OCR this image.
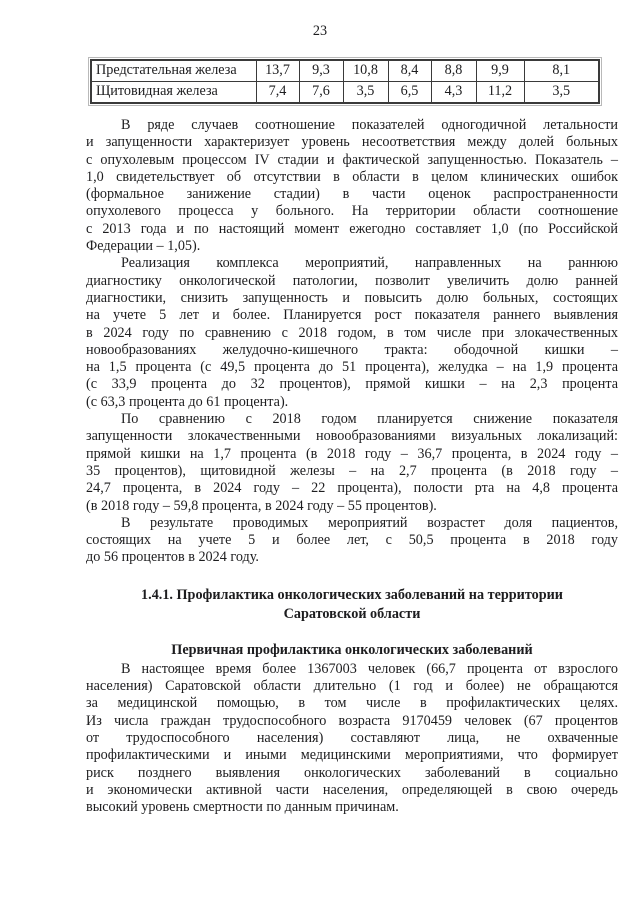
23
Предстательная железа	13,7	9,3	10,8	8,4	8,8	9,9	8,1
Щитовидная железа	7,4	7,6	3,5	6,5	4,3	11,2	3,5

В ряде случаев соотношение показателей одногодичной летальности
и запущенности характеризует уровень несоответствия между долей больных
с опухолевым процессом IV стадии и фактической запущенностью. Показатель –
1,0 свидетельствует об отсутствии в области в целом клинических ошибок
(формальное занижение стадии) в части оценок распространенности
опухолевого процесса у больного. На территории области соотношение
с 2013 года и по настоящий момент ежегодно составляет 1,0 (по Российской
Федерации – 1,05).

Реализация комплекса мероприятий, направленных на раннюю
диагностику онкологической патологии, позволит увеличить долю ранней
диагностики, снизить запущенность и повысить долю больных, состоящих
на учете 5 лет и более. Планируется рост показателя раннего выявления
в 2024 году по сравнению с 2018 годом, в том числе при злокачественных
новообразованиях желудочно-кишечного тракта: ободочной кишки –
на 1,5 процента (с 49,5 процента до 51 процента), желудка – на 1,9 процента
(с 33,9 процента до 32 процентов), прямой кишки – на 2,3 процента
(с 63,3 процента до 61 процента).

По сравнению с 2018 годом планируется снижение показателя
запущенности злокачественными новообразованиями визуальных локализаций:
прямой кишки на 1,7 процента (в 2018 году – 36,7 процента, в 2024 году –
35 процентов), щитовидной железы – на 2,7 процента (в 2018 году –
24,7 процента, в 2024 году – 22 процента), полости рта на 4,8 процента
(в 2018 году – 59,8 процента, в 2024 году – 55 процентов).

В результате проводимых мероприятий возрастет доля пациентов,
состоящих на учете 5 и более лет, с 50,5 процента в 2018 году
до 56 процентов в 2024 году.

1.4.1. Профилактика онкологических заболеваний на территории
Саратовской области
Первичная профилактика онкологических заболеваний

В настоящее время более 1367003 человек (66,7 процента от взрослого
населения) Саратовской области длительно (1 год и более) не обращаются
за медицинской помощью, в том числе в профилактических целях.
Из числа граждан трудоспособного возраста 9170459 человек (67 процентов
от трудоспособного населения) составляют лица, не охваченные
профилактическими и иными медицинскими мероприятиями, что формирует
риск позднего выявления онкологических заболеваний в социально
и экономически активной части населения, определяющей в свою очередь
высокий уровень смертности по данным причинам.
